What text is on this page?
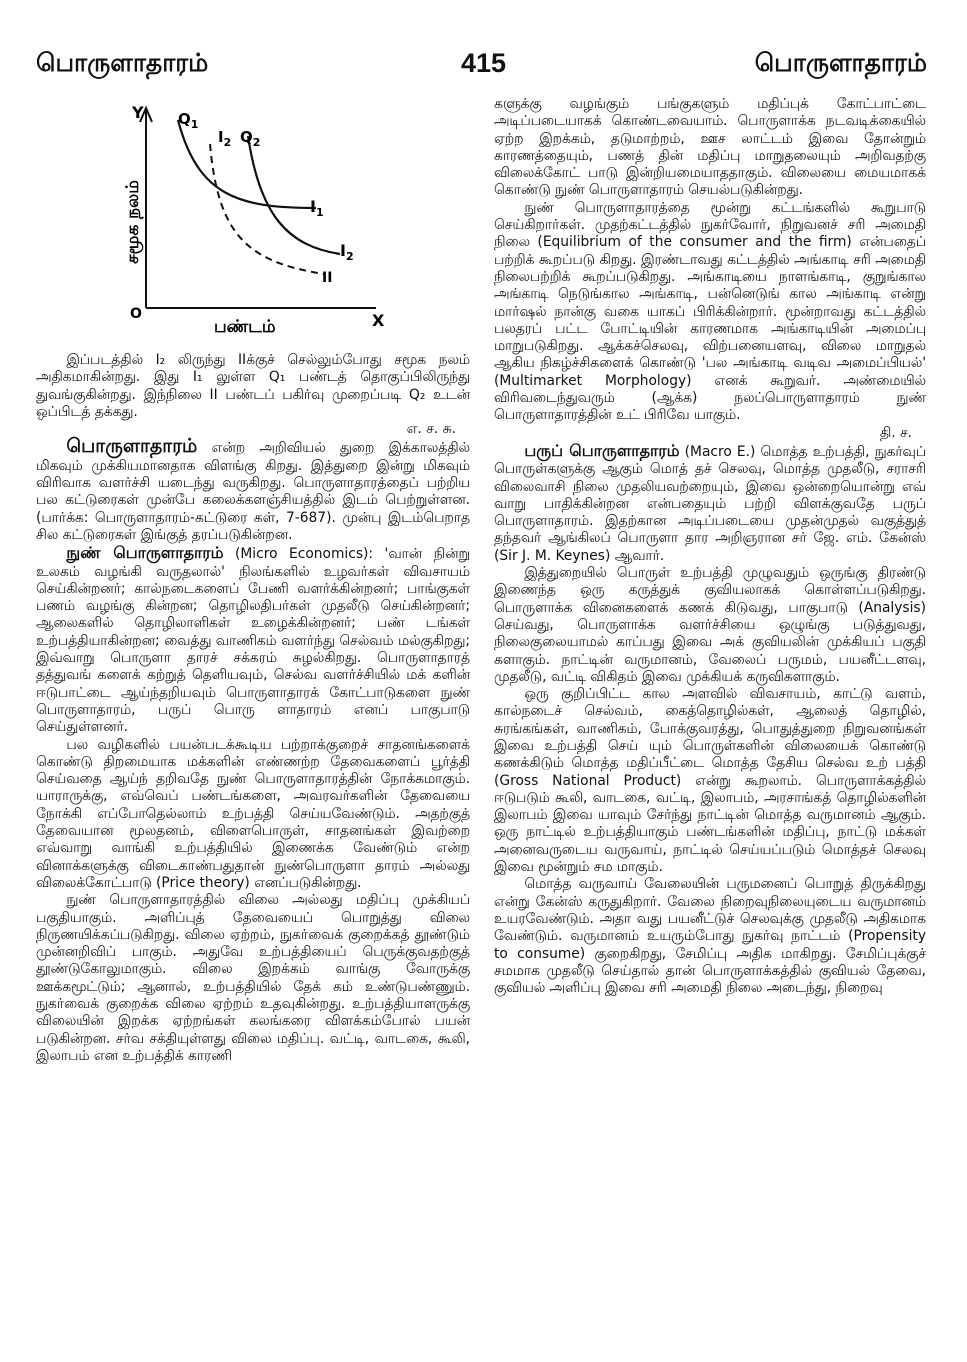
பொருளாதாரம்	415	பொருளாதாரம்
Y
சமூக நலம்
O
பண்டம்	X
$Q_1$
$I_2$ $Q_2$
$I_1$
$I_2$
II

இப்படத்தில் I₂ லிருந்து IIக்குச் செல்லும்போது சமூக நலம் அதிகமாகின்றது. இது I₁ லுள்ள Q₁ பண்டத் தொகுப்பிலிருந்து துவங்குகின்றது. இந்நிலை II பண்டப் பகிர்வு முறைப்படி Q₂ உடன் ஒப்பிடத் தக்கது.
எ. ச. சு.

பொருளாதாரம் என்ற அறிவியல் துறை இக்காலத்தில் மிகவும் முக்கியமானதாக விளங்கு கிறது. இத்துறை இன்று மிகவும் விரிவாக வளர்ச்சி யடைந்து வருகிறது. பொருளாதாரத்தைப் பற்றிய பல கட்டுரைகள் முன்பே கலைக்களஞ்சியத்தில் இடம் பெற்றுள்ளன. (பார்க்க: பொருளாதாரம்-கட்டுரை கள், 7-687). முன்பு இடம்பெறாத சில கட்டுரைகள் இங்குத் தரப்படுகின்றன.

நுண் பொருளாதாரம் (Micro Economics): 'வான் நின்று உலகம் வழங்கி வருதலால்' நிலங்களில் உழவர்கள் விவசாயம் செய்கின்றனர்; கால்நடைகளைப் பேணி வளர்க்கின்றனர்; பாங்குகள் பணம் வழங்கு கின்றன; தொழிலதிபர்கள் முதலீடு செய்கின்றனர்; ஆலைகளில் தொழிலாளிகள் உழைக்கின்றனர்; பண் டங்கள் உற்பத்தியாகின்றன; வைத்து வாணிகம் வளர்ந்து செல்வம் மல்குகிறது; இவ்வாறு பொருளா தாரச் சக்கரம் சுழல்கிறது. பொருளாதாரத் தத்துவங் களைக் கற்றுத் தெளியவும், செல்வ வளர்ச்சியில் மக் களின் ஈடுபாட்டை ஆய்ந்தறியவும் பொருளாதாரக் கோட்பாடுகளை நுண் பொருளாதாரம், பருப் பொரு ளாதாரம் எனப் பாகுபாடு செய்துள்ளனர்.

பல வழிகளில் பயன்படக்கூடிய பற்றாக்குறைச் சாதனங்களைக் கொண்டு திறமையாக மக்களின் எண்ணற்ற தேவைகளைப் பூர்த்தி செய்வதை ஆய்ந் தறிவதே நுண் பொருளாதாரத்தின் நோக்கமாகும். யாராருக்கு, எவ்வெப் பண்டங்களை, அவரவர்களின் தேவையை நோக்கி எப்போதெல்லாம் உற்பத்தி செய்யவேண்டும். அதற்குத் தேவையான மூலதனம், விளைபொருள், சாதனங்கள் இவற்றை எவ்வாறு வாங்கி உற்பத்தியில் இணைக்க வேண்டும் என்ற வினாக்களுக்கு விடைகாண்பதுதான் நுண்பொருளா தாரம் அல்லது விலைக்கோட்பாடு (Price theory) எனப்படுகின்றது.

நுண் பொருளாதாரத்தில் விலை அல்லது மதிப்பு முக்கியப் பகுதியாகும். அளிப்புத் தேவையைப் பொறுத்து விலை நிருணயிக்கப்படுகிறது. விலை ஏற்றம், நுகர்வைக் குறைக்கத் தூண்டும் முன்னறிவிப் பாகும். அதுவே உற்பத்தியைப் பெருக்குவதற்குத் தூண்டுகோலுமாகும். விலை இறக்கம் வாங்கு வோருக்கு ஊக்கமூட்டும்; ஆனால், உற்பத்தியில் தேக் கம் உண்டுபண்ணும். நுகர்வைக் குறைக்க விலை ஏற்றம் உதவுகின்றது. உற்பத்தியாளருக்கு விலையின் இறக்க ஏற்றங்கள் கலங்கரை விளக்கம்போல் பயன் படுகின்றன. சர்வ சக்தியுள்ளது விலை மதிப்பு. வட்டி, வாடகை, கூலி, இலாபம் என உற்பத்திக் காரணி

களுக்கு வழங்கும் பங்குகளும் மதிப்புக் கோட்பாட்டை அடிப்படையாகக் கொண்டவையாம். பொருளாக்க நடவடிக்கையில் ஏற்ற இறக்கம், தடுமாற்றம், ஊச லாட்டம் இவை தோன்றும் காரணத்தையும், பணத் தின் மதிப்பு மாறுதலையும் அறிவதற்கு விலைக்கோட் பாடு இன்றியமையாததாகும். விலையை மையமாகக் கொண்டு நுண் பொருளாதாரம் செயல்படுகின்றது.

நுண் பொருளாதாரத்தை மூன்று கட்டங்களில் கூறுபாடு செய்கிறார்கள். முதற்கட்டத்தில் நுகர்வோர், நிறுவனச் சரி அமைதி நிலை (Equilibrium of the consumer and the firm) என்பதைப் பற்றிக் கூறப்படு கிறது. இரண்டாவது கட்டத்தில் அங்காடி சரி அமைதி நிலைபற்றிக் கூறப்படுகிறது. அங்காடியை நாளங்காடி, குறுங்கால அங்காடி நெடுங்கால அங்காடி, பன்னெடுங் கால அங்காடி என்று மார்ஷல் நான்கு வகை யாகப் பிரிக்கின்றார். மூன்றாவது கட்டத்தில் பலதரப் பட்ட போட்டியின் காரணமாக அங்காடியின் அமைப்பு மாறுபடுகிறது. ஆக்கச்செலவு, விற்பனையளவு, விலை மாறுதல் ஆகிய நிகழ்ச்சிகளைக் கொண்டு 'பல அங்காடி வடிவ அமைப்பியல்' (Multimarket Morphology) எனக் கூறுவர். அண்மையில் விரிவடைந்துவரும் (ஆக்க) நலப்பொருளாதாரம் நுண் பொருளாதாரத்தின் உட் பிரிவே யாகும்.
தி. ச.

பருப் பொருளாதாரம் (Macro E.) மொத்த உற்பத்தி, நுகர்வுப் பொருள்களுக்கு ஆகும் மொத் தச் செலவு, மொத்த முதலீடு, சராசரி விலைவாசி நிலை முதலியவற்றையும், இவை ஒன்றையொன்று எவ் வாறு பாதிக்கின்றன என்பதையும் பற்றி விளக்குவதே பருப் பொருளாதாரம். இதற்கான அடிப்படையை முதன்முதல் வகுத்துத் தந்தவர் ஆங்கிலப் பொருளா தார அறிஞரான சர் ஜே. எம். கேன்ஸ் (Sir J. M. Keynes) ஆவார்.

இத்துறையில் பொருள் உற்பத்தி முழுவதும் ஒருங்கு திரண்டு இணைந்த ஒரு கருத்துக் குவியலாகக் கொள்ளப்படுகிறது. பொருளாக்க வினைகளைக் கணக் கிடுவது, பாகுபாடு (Analysis) செய்வது, பொருளாக்க வளர்ச்சியை ஒழுங்கு படுத்துவது, நிலைகுலையாமல் காப்பது இவை அக் குவியலின் முக்கியப் பகுதி களாகும். நாட்டின் வருமானம், வேலைப் பருமம், பயனீட்டளவு, முதலீடு, வட்டி விகிதம் இவை முக்கியக் கருவிகளாகும்.

ஒரு குறிப்பிட்ட கால அளவில் விவசாயம், காட்டு வளம், கால்நடைச் செல்வம், கைத்தொழில்கள், ஆலைத் தொழில், சுரங்கங்கள், வாணிகம், போக்குவரத்து, பொதுத்துறை நிறுவனங்கள் இவை உற்பத்தி செய் யும் பொருள்களின் விலையைக் கொண்டு கணக்கிடும் மொத்த மதிப்பீட்டை மொத்த தேசிய செல்வ உற் பத்தி (Gross National Product) என்று கூறலாம். பொருளாக்கத்தில் ஈடுபடும் கூலி, வாடகை, வட்டி, இலாபம், அரசாங்கத் தொழில்களின் இலாபம் இவை யாவும் சேர்ந்து நாட்டின் மொத்த வருமானம் ஆகும். ஒரு நாட்டில் உற்பத்தியாகும் பண்டங்களின் மதிப்பு, நாட்டு மக்கள் அனைவருடைய வருவாய், நாட்டில் செய்யப்படும் மொத்தச் செலவு இவை மூன்றும் சம மாகும்.

மொத்த வருவாய் வேலையின் பருமனைப் பொறுத் திருக்கிறது என்று கேன்ஸ் கருதுகிறார். வேலை நிறைவுநிலையுடைய வருமானம் உயரவேண்டும். அதா வது பயனீட்டுச் செலவுக்கு முதலீடு அதிகமாக வேண்டும். வருமானம் உயரும்போது நுகர்வு நாட்டம் (Propensity to consume) குறைகிறது, சேமிப்பு அதிக மாகிறது. சேமிப்புக்குச் சமமாக முதலீடு செய்தால் தான் பொருளாக்கத்தில் குவியல் தேவை, குவியல் அளிப்பு இவை சரி அமைதி நிலை அடைந்து, நிறைவு
